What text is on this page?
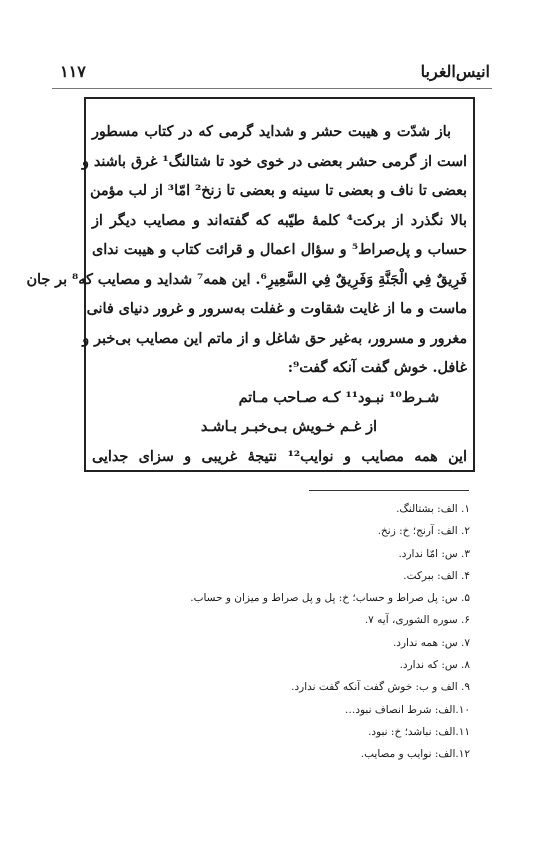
۱۱۷	انیس‌الغربا
باز شدّت و هیبت حشر و شداید گرمی که در کتاب مسطور
است از گرمی حشر بعضی در خوی خود تا شتالنگ¹ غرق باشند و
بعضی تا ناف و بعضی تا سینه و بعضی تا زنخ² امّا³ از لب مؤمن
بالا نگذرد از برکت⁴ کلمهٔ طیّبه که گفته‌اند و مصایب دیگر از
حساب و پل‌صراط⁵ و سؤال اعمال و قرائت کتاب و هیبت ندای
فَرِيقٌ فِي الْجَنَّةِ وَفَرِيقٌ فِي السَّعِيرِ⁶. این همه⁷ شداید و مصایب که⁸ بر جان
ماست و ما از غایت شقاوت و غفلت به‌سرور و غرور دنیای فانی
مغرور و مسرور، به‌غیر حق شاغل و از ماتم این مصایب بی‌خبر و
غافل. خوش گفت آنکه گفت⁹:
شـرط¹⁰ نبـود¹¹ کـه صـاحب مـاتم
از غـم خـویش بـی‌خبـر بـاشـد
این همه مصایب و نوایب¹² نتیجهٔ غریبی و سزای جدایی
۱. الف: بشتالنگ.
۲. الف: آرنج؛ خ: زنخ.
۳. س: امّا ندارد.
۴. الف: ببرکت.
۵. س: پل صراط و حساب؛ خ: پل و پل صراط و میزان و حساب.
۶. سوره الشوری، آیه ۷.
۷. س: همه ندارد.
۸. س: که ندارد.
۹. الف و ب: خوش گفت آنکه گفت ندارد.
۱۰.الف: شرط انصاف نبود…
۱۱.الف: نباشد؛ خ: نبود.
۱۲.الف: نوایب و مصایب.
